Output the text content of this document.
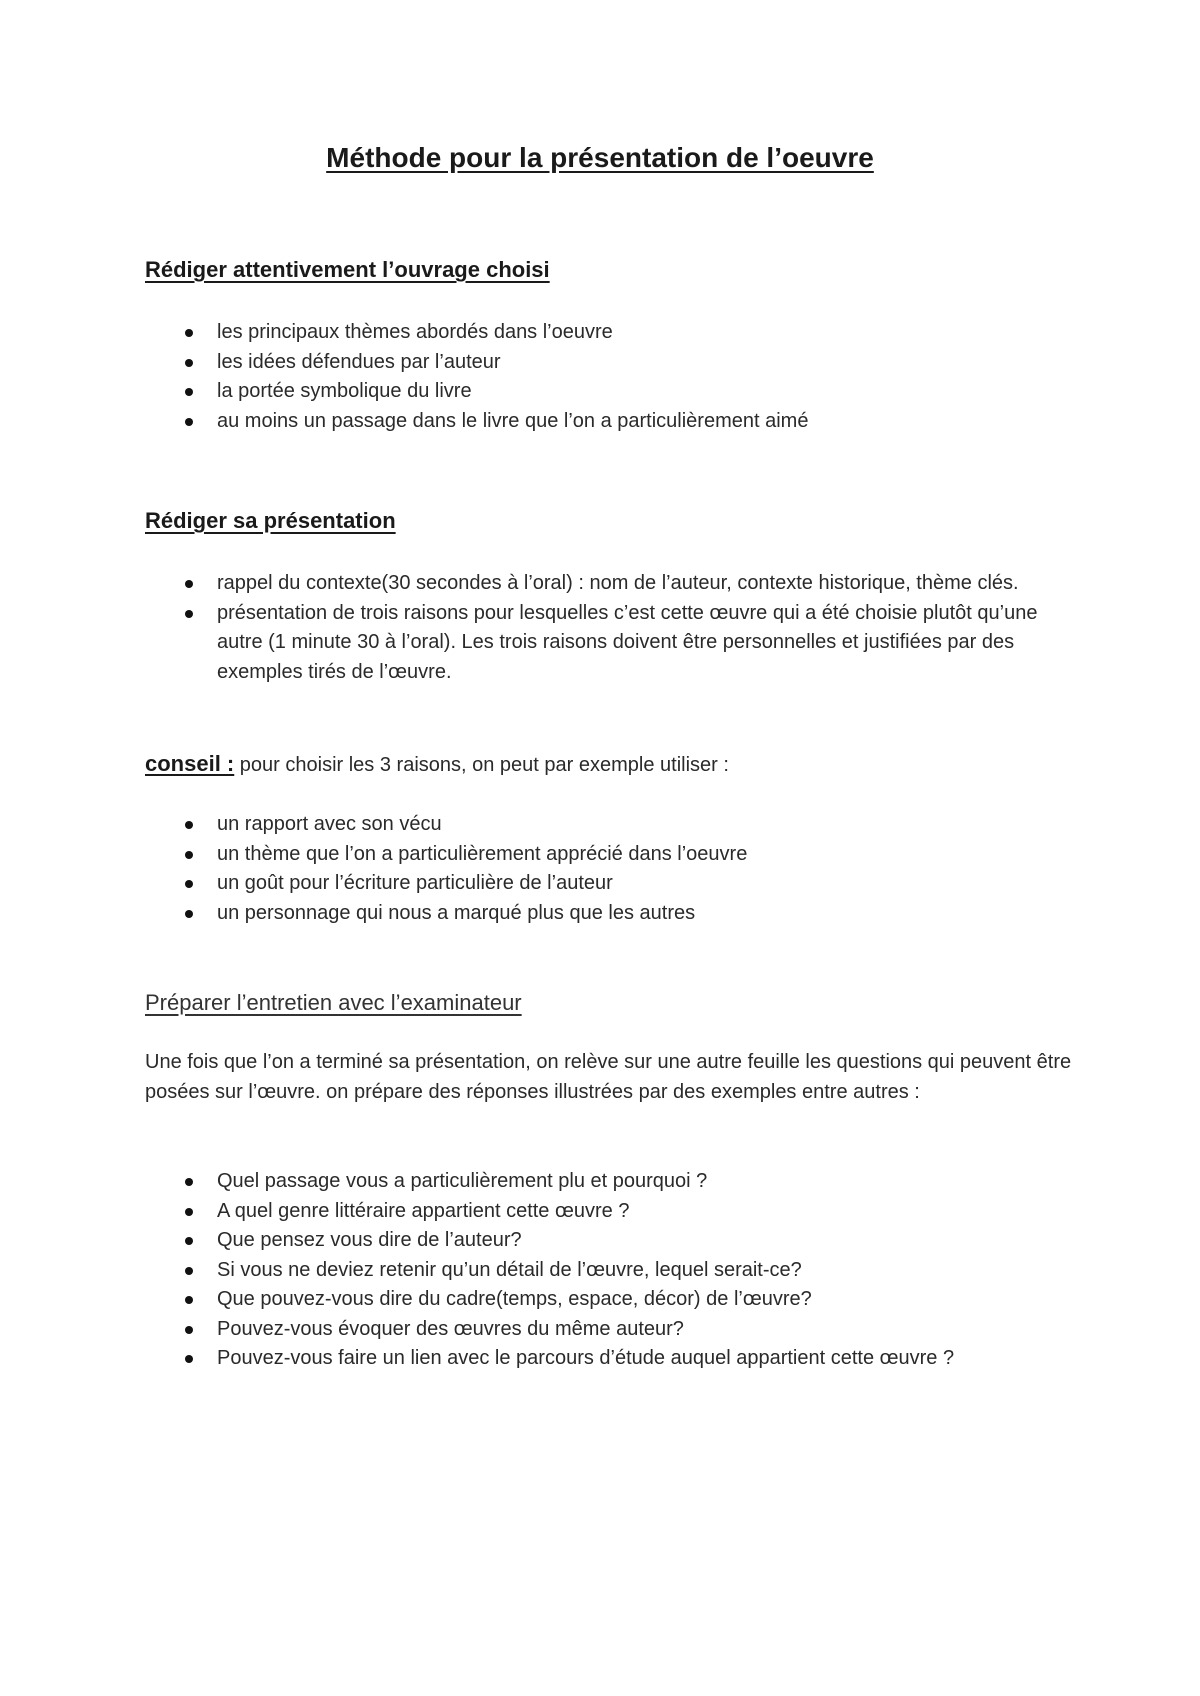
Méthode pour la présentation de l’oeuvre
Rédiger attentivement l’ouvrage choisi
les principaux thèmes abordés dans l’oeuvre
les idées défendues par l’auteur
la portée symbolique du livre
au moins un passage dans le livre que l’on a particulièrement aimé
Rédiger sa présentation
rappel du contexte(30 secondes à l’oral) : nom de l’auteur, contexte historique, thème clés.
présentation de trois raisons pour lesquelles c’est cette œuvre qui a été choisie plutôt qu’une autre (1 minute 30 à l’oral). Les trois raisons doivent être personnelles et justifiées par des exemples tirés de l’œuvre.

conseil : pour choisir les 3 raisons, on peut par exemple utiliser :

un rapport avec son vécu
un thème que l’on a particulièrement apprécié dans l’oeuvre
un goût pour l’écriture particulière de l’auteur
un personnage qui nous a marqué plus que les autres
Préparer l’entretien avec l’examinateur

Une fois que l’on a terminé sa présentation, on relève sur une autre feuille les questions qui peuvent être posées sur l’œuvre. on prépare des réponses illustrées par des exemples entre autres :

Quel passage vous a particulièrement plu et pourquoi ?
A quel genre littéraire appartient cette œuvre ?
Que pensez vous dire de l’auteur?
Si vous ne deviez retenir qu’un détail de l’œuvre, lequel serait-ce?
Que pouvez-vous dire du cadre(temps, espace, décor) de l’œuvre?
Pouvez-vous évoquer des œuvres du même auteur?
Pouvez-vous faire un lien avec le parcours d’étude auquel appartient cette œuvre ?
